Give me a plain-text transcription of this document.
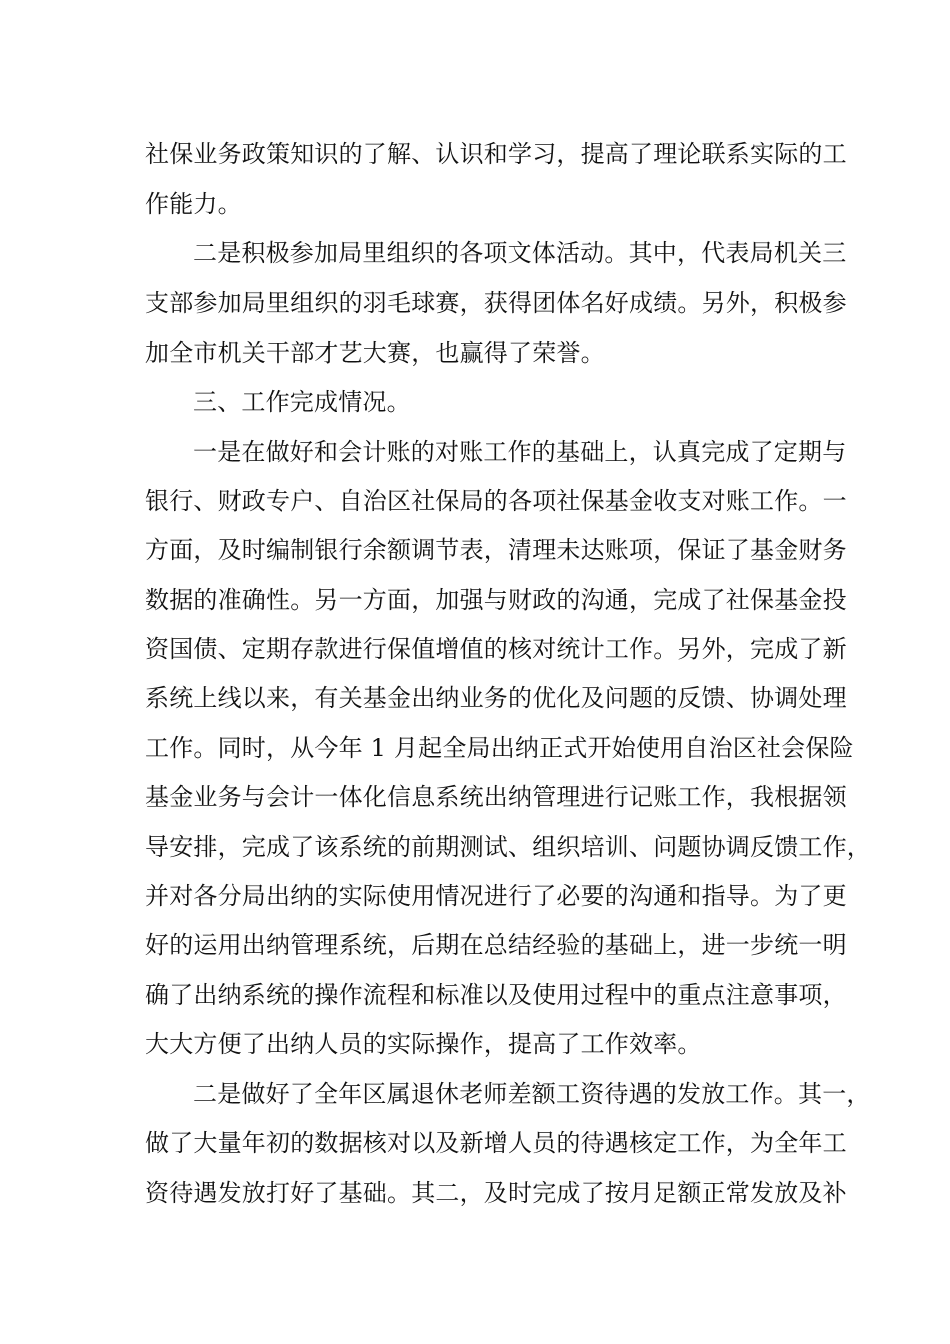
社保业务政策知识的了解、认识和学习，提高了理论联系实际的工
作能力。
二是积极参加局里组织的各项文体活动。其中，代表局机关三
支部参加局里组织的羽毛球赛，获得团体名好成绩。另外，积极参
加全市机关干部才艺大赛，也赢得了荣誉。
三、工作完成情况。
一是在做好和会计账的对账工作的基础上，认真完成了定期与
银行、财政专户、自治区社保局的各项社保基金收支对账工作。一
方面，及时编制银行余额调节表，清理未达账项，保证了基金财务
数据的准确性。另一方面，加强与财政的沟通，完成了社保基金投
资国债、定期存款进行保值增值的核对统计工作。另外，完成了新
系统上线以来，有关基金出纳业务的优化及问题的反馈、协调处理
工作。同时，从今年 1 月起全局出纳正式开始使用自治区社会保险
基金业务与会计一体化信息系统出纳管理进行记账工作，我根据领
导安排，完成了该系统的前期测试、组织培训、问题协调反馈工作，
并对各分局出纳的实际使用情况进行了必要的沟通和指导。为了更
好的运用出纳管理系统，后期在总结经验的基础上，进一步统一明
确了出纳系统的操作流程和标准以及使用过程中的重点注意事项，
大大方便了出纳人员的实际操作，提高了工作效率。
二是做好了全年区属退休老师差额工资待遇的发放工作。其一，
做了大量年初的数据核对以及新增人员的待遇核定工作，为全年工
资待遇发放打好了基础。其二，及时完成了按月足额正常发放及补
